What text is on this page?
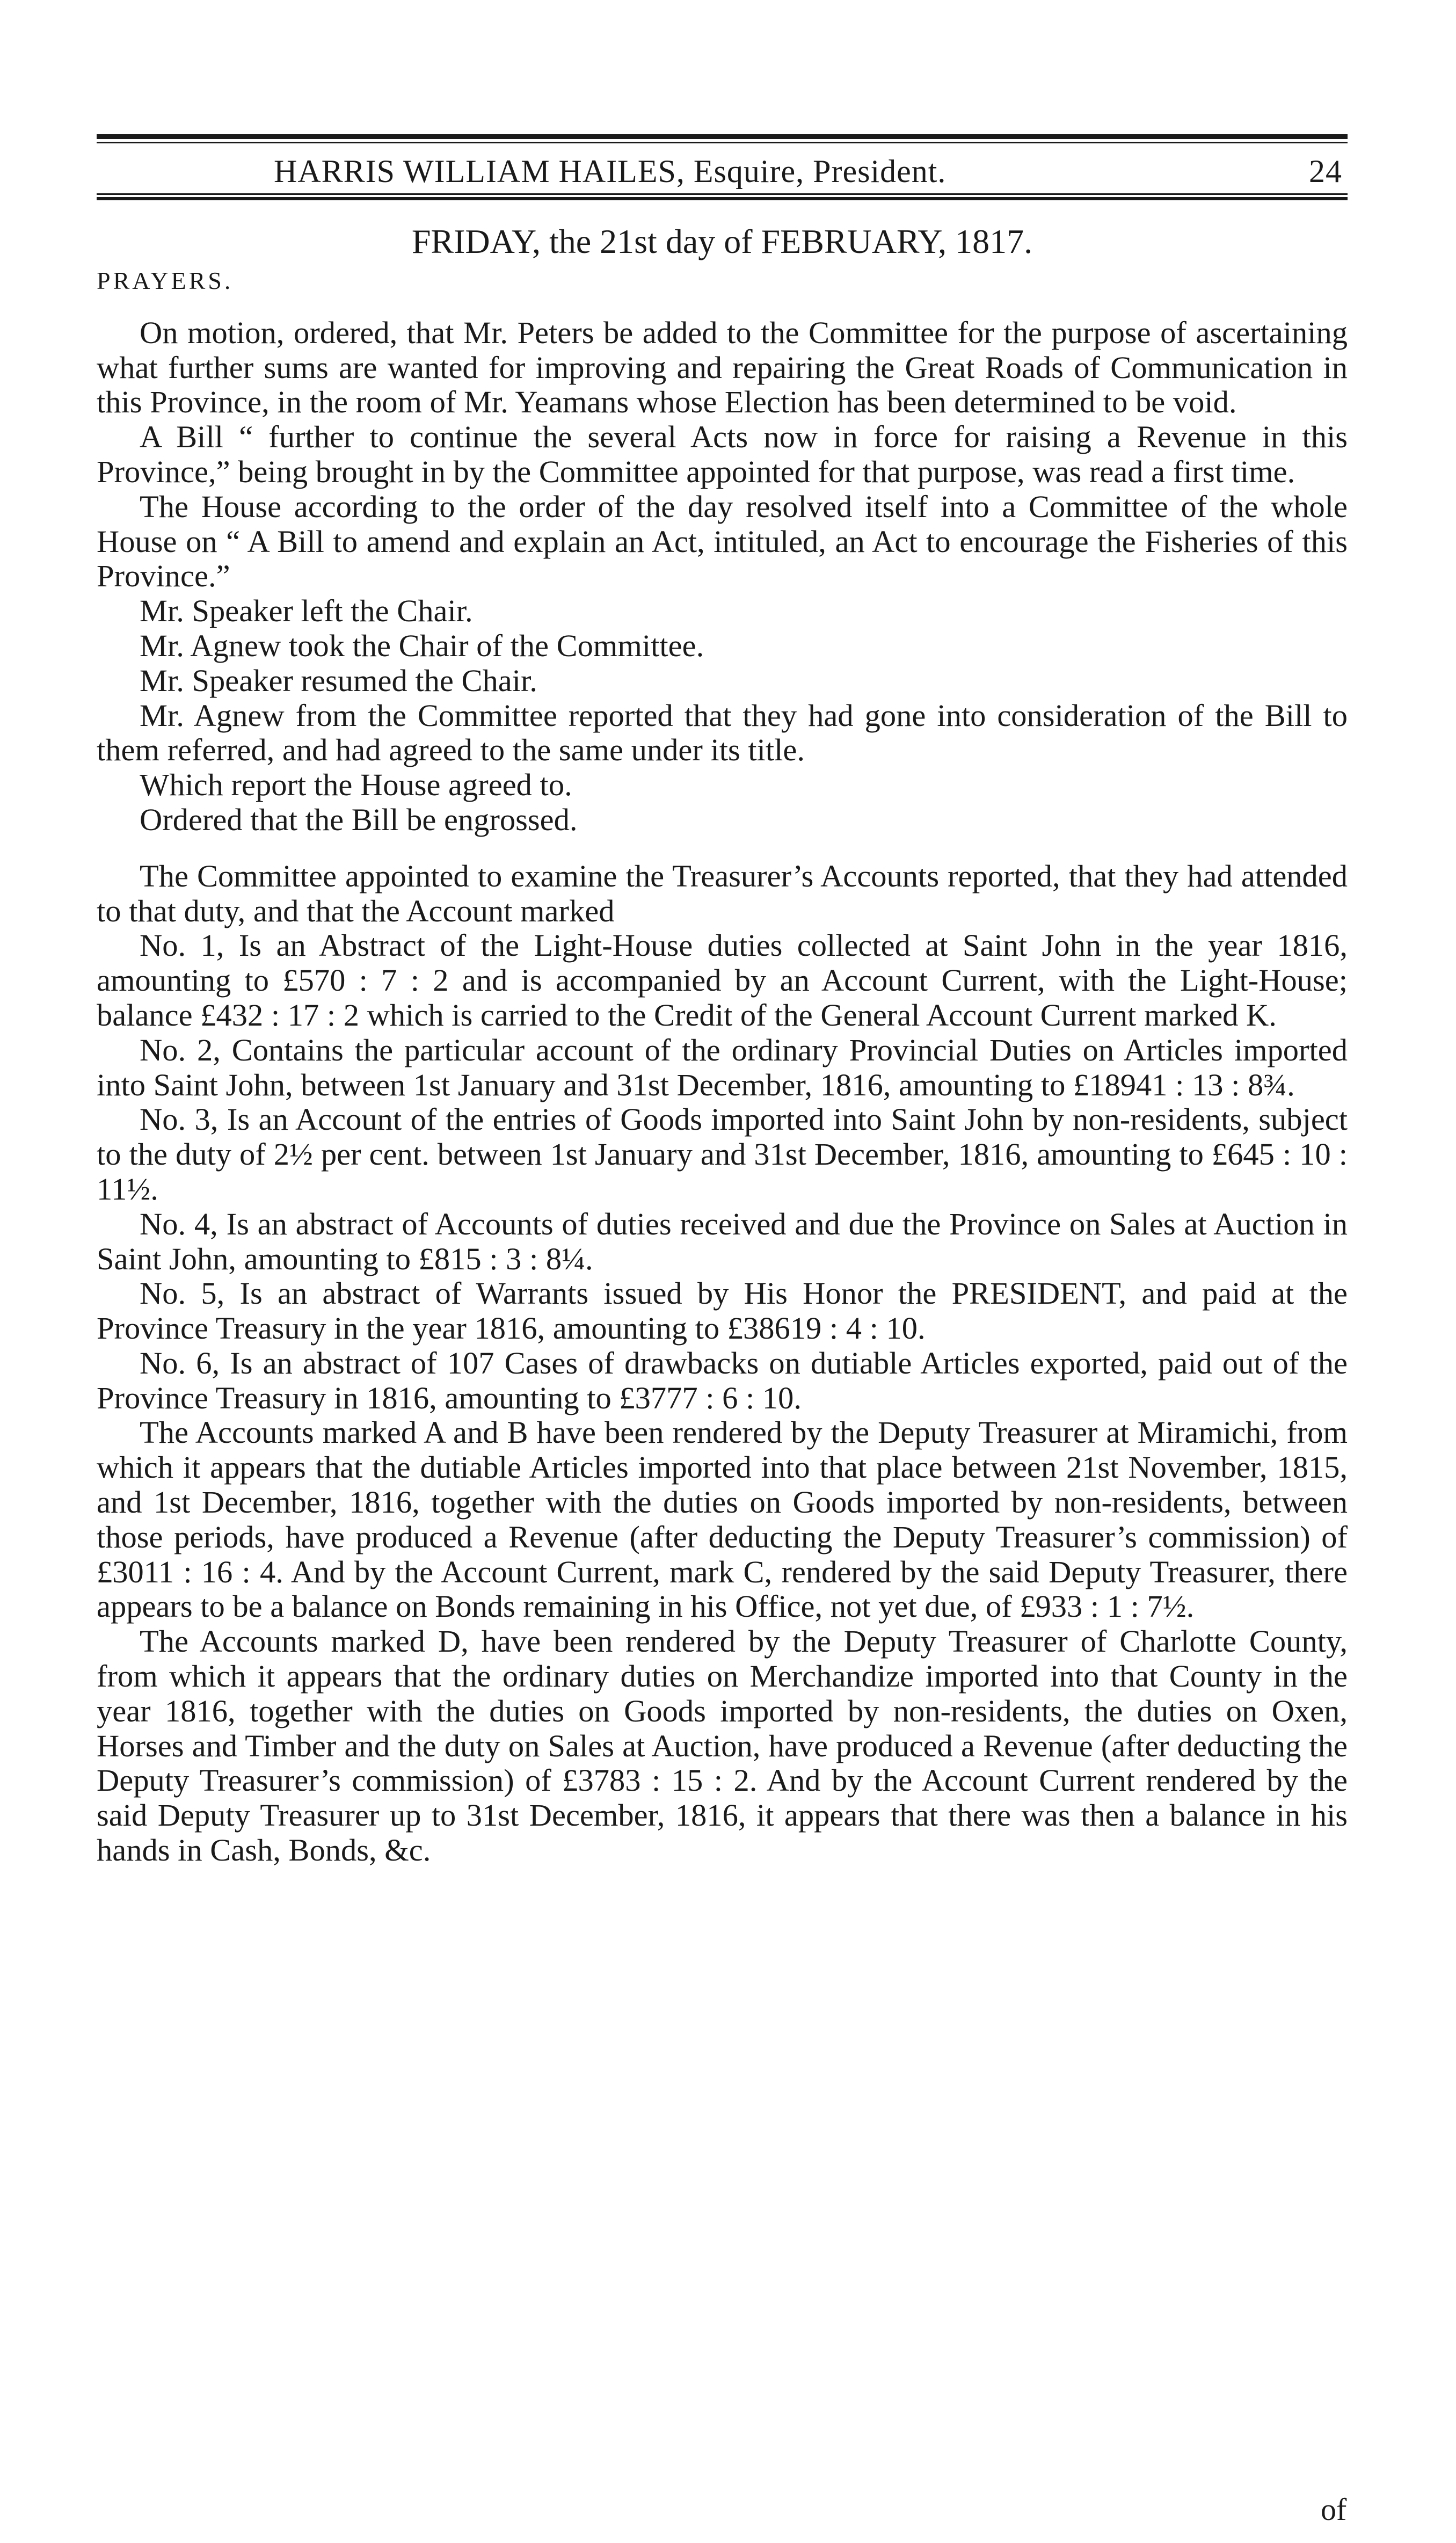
HARRIS WILLIAM HAILES, Esquire, President.	24
FRIDAY, the 21st day of FEBRUARY, 1817.
PRAYERS.

On motion, ordered, that Mr. Peters be added to the Committee for the purpose of ascertaining what further sums are wanted for improving and repairing the Great Roads of Communication in this Province, in the room of Mr. Yeamans whose Election has been determined to be void.

A Bill “ further to continue the several Acts now in force for raising a Revenue in this Province,” being brought in by the Committee appointed for that purpose, was read a first time.

The House according to the order of the day resolved itself into a Committee of the whole House on “ A Bill to amend and explain an Act, intituled, an Act to encourage the Fisheries of this Province.”

Mr. Speaker left the Chair.

Mr. Agnew took the Chair of the Committee.

Mr. Speaker resumed the Chair.

Mr. Agnew from the Committee reported that they had gone into consideration of the Bill to them referred, and had agreed to the same under its title.

Which report the House agreed to.

Ordered that the Bill be engrossed.

The Committee appointed to examine the Treasurer’s Accounts reported, that they had attended to that duty, and that the Account marked

No. 1, Is an Abstract of the Light-House duties collected at Saint John in the year 1816, amounting to £570 : 7 : 2 and is accompanied by an Account Current, with the Light-House; balance £432 : 17 : 2 which is carried to the Credit of the General Account Current marked K.

No. 2, Contains the particular account of the ordinary Provincial Duties on Articles imported into Saint John, between 1st January and 31st December, 1816, amounting to £18941 : 13 : 8¾.

No. 3, Is an Account of the entries of Goods imported into Saint John by non-residents, subject to the duty of 2½ per cent. between 1st January and 31st December, 1816, amounting to £645 : 10 : 11½.

No. 4, Is an abstract of Accounts of duties received and due the Province on Sales at Auction in Saint John, amounting to £815 : 3 : 8¼.

No. 5, Is an abstract of Warrants issued by His Honor the PRESIDENT, and paid at the Province Treasury in the year 1816, amounting to £38619 : 4 : 10.

No. 6, Is an abstract of 107 Cases of drawbacks on dutiable Articles exported, paid out of the Province Treasury in 1816, amounting to £3777 : 6 : 10.

The Accounts marked A and B have been rendered by the Deputy Treasurer at Miramichi, from which it appears that the dutiable Articles imported into that place between 21st November, 1815, and 1st December, 1816, together with the duties on Goods imported by non-residents, between those periods, have produced a Revenue (after deducting the Deputy Treasurer’s commission) of £3011 : 16 : 4. And by the Account Current, mark C, rendered by the said Deputy Treasurer, there appears to be a balance on Bonds remaining in his Office, not yet due, of £933 : 1 : 7½.

The Accounts marked D, have been rendered by the Deputy Treasurer of Charlotte County, from which it appears that the ordinary duties on Merchandize imported into that County in the year 1816, together with the duties on Goods imported by non-residents, the duties on Oxen, Horses and Timber and the duty on Sales at Auction, have produced a Revenue (after deducting the Deputy Treasurer’s commission) of £3783 : 15 : 2. And by the Account Current rendered by the said Deputy Treasurer up to 31st December, 1816, it appears that there was then a balance in his hands in Cash, Bonds, &c.

of
